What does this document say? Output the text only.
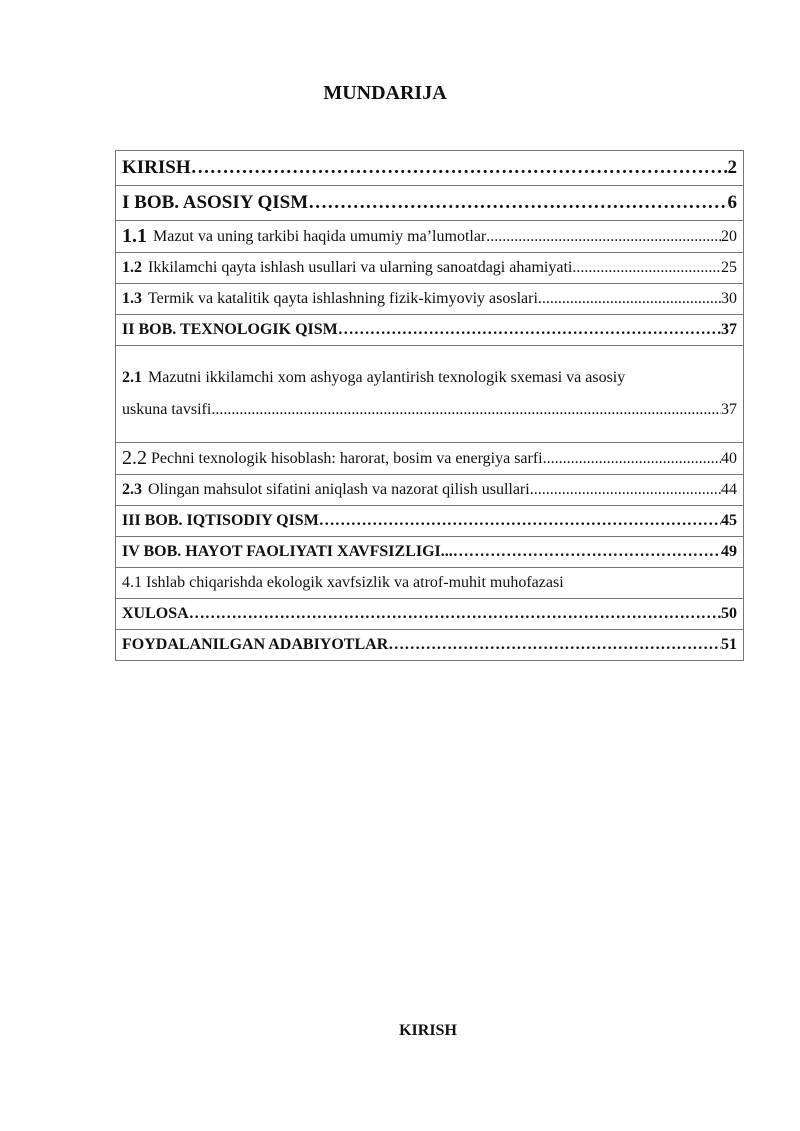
MUNDARIJA
KIRISH ………………………………………………………………………………………………………………………………	2
I BOB. ASOSIY QISM…… ………………………………………………………………………………………………………………………………	6
1.1 Mazut va uning tarkibi haqida umumiy ma’lumotlar .....	20
1.2 Ikkilamchi qayta ishlash usullari va ularning sanoatdagi ahamiyati .....	25
1.3 Termik va katalitik qayta ishlashning fizik-kimyoviy asoslari .....	30
II BOB. TEXNOLOGIK QISM ………………………………………………………………………………………………………………………………	37
2.1 Mazutni ikkilamchi xom ashyoga aylantirish texnologik sxemasi va asosiy
uskuna tavsifi .....	37
2.2 Pechni texnologik hisoblash: harorat, bosim va energiya sarfi .....	40
2.3 Olingan mahsulot sifatini aniqlash va nazorat qilish usullari .....	44
III BOB. IQTISODIY QISM ………………………………………………………………………………………………………………………………	45
IV BOB. HAYOT FAOLIYATI XAVFSIZLIGI... ………………………………………………………………………………………………………………………………	49
4.1 Ishlab chiqarishda ekologik xavfsizlik va atrof-muhit muhofazasi
XULOSA ………………………………………………………………………………………………………………………………	50
FOYDALANILGAN ADABIYOTLAR ………………………………………………………………………………………………………………………………	51
KIRISH
